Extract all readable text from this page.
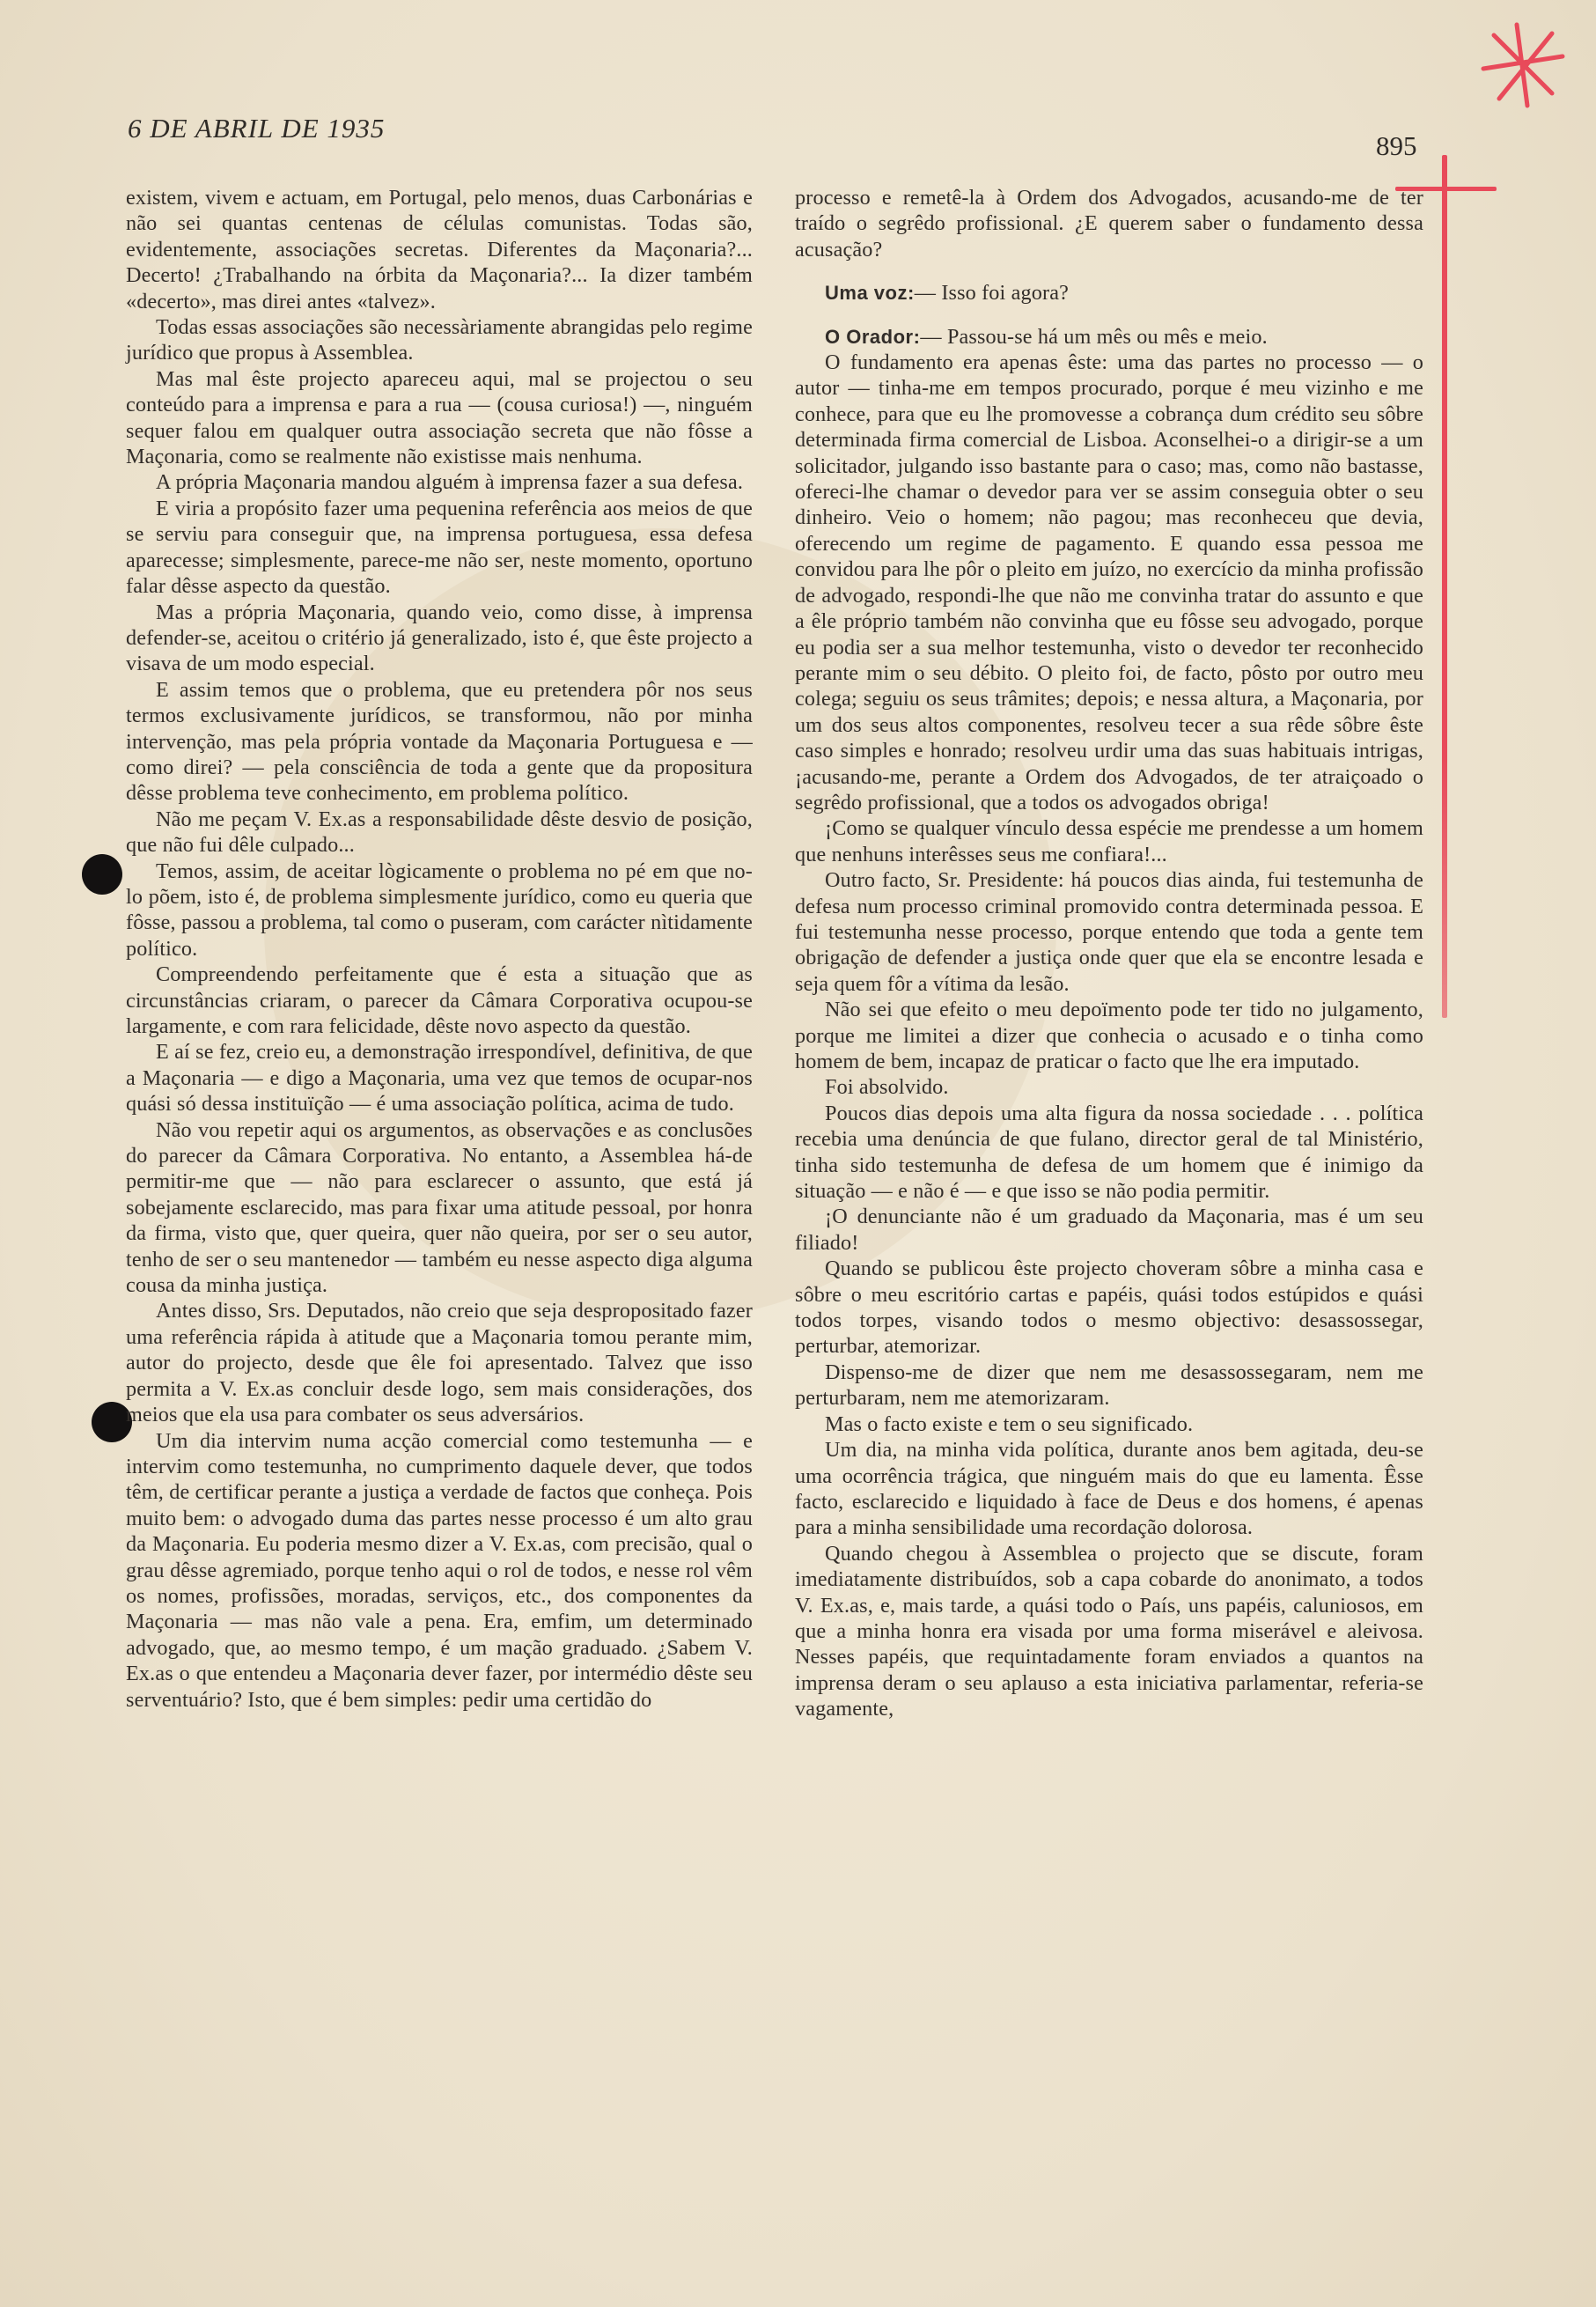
6 DE ABRIL DE 1935
895

existem, vivem e actuam, em Portugal, pelo menos, duas Carbonárias e não sei quantas centenas de células comunistas. Todas são, evidentemente, associações secretas. Diferentes da Maçonaria?... Decerto! ¿Trabalhando na órbita da Maçonaria?... Ia dizer também «decerto», mas direi antes «talvez».

Todas essas associações são necessàriamente abrangidas pelo regime jurídico que propus à Assemblea.

Mas mal êste projecto apareceu aqui, mal se projectou o seu conteúdo para a imprensa e para a rua — (cousa curiosa!) —, ninguém sequer falou em qualquer outra associação secreta que não fôsse a Maçonaria, como se realmente não existisse mais nenhuma.

A própria Maçonaria mandou alguém à imprensa fazer a sua defesa.

E viria a propósito fazer uma pequenina referência aos meios de que se serviu para conseguir que, na imprensa portuguesa, essa defesa aparecesse; simplesmente, parece-me não ser, neste momento, oportuno falar dêsse aspecto da questão.

Mas a própria Maçonaria, quando veio, como disse, à imprensa defender-se, aceitou o critério já generalizado, isto é, que êste projecto a visava de um modo especial.

E assim temos que o problema, que eu pretendera pôr nos seus termos exclusivamente jurídicos, se transformou, não por minha intervenção, mas pela própria vontade da Maçonaria Portuguesa e — como direi? — pela consciência de toda a gente que da propositura dêsse problema teve conhecimento, em problema político.

Não me peçam V. Ex.as a responsabilidade dêste desvio de posição, que não fui dêle culpado...

Temos, assim, de aceitar lògicamente o problema no pé em que no-lo põem, isto é, de problema simplesmente jurídico, como eu queria que fôsse, passou a problema, tal como o puseram, com carácter nìtidamente político.

Compreendendo perfeitamente que é esta a situação que as circunstâncias criaram, o parecer da Câmara Corporativa ocupou-se largamente, e com rara felicidade, dêste novo aspecto da questão.

E aí se fez, creio eu, a demonstração irrespondível, definitiva, de que a Maçonaria — e digo a Maçonaria, uma vez que temos de ocupar-nos quási só dessa instituïção — é uma associação política, acima de tudo.

Não vou repetir aqui os argumentos, as observações e as conclusões do parecer da Câmara Corporativa. No entanto, a Assemblea há-de permitir-me que — não para esclarecer o assunto, que está já sobejamente esclarecido, mas para fixar uma atitude pessoal, por honra da firma, visto que, quer queira, quer não queira, por ser o seu autor, tenho de ser o seu mantenedor — também eu nesse aspecto diga alguma cousa da minha justiça.

Antes disso, Srs. Deputados, não creio que seja despropositado fazer uma referência rápida à atitude que a Maçonaria tomou perante mim, autor do projecto, desde que êle foi apresentado. Talvez que isso permita a V. Ex.as concluir desde logo, sem mais considerações, dos meios que ela usa para combater os seus adversários.

Um dia intervim numa acção comercial como testemunha — e intervim como testemunha, no cumprimento daquele dever, que todos têm, de certificar perante a justiça a verdade de factos que conheça. Pois muito bem: o advogado duma das partes nesse processo é um alto grau da Maçonaria. Eu poderia mesmo dizer a V. Ex.as, com precisão, qual o grau dêsse agremiado, porque tenho aqui o rol de todos, e nesse rol vêm os nomes, profissões, moradas, serviços, etc., dos componentes da Maçonaria — mas não vale a pena. Era, emfim, um determinado advogado, que, ao mesmo tempo, é um mação graduado. ¿Sabem V. Ex.as o que entendeu a Maçonaria dever fazer, por intermédio dêste seu serventuário? Isto, que é bem simples: pedir uma certidão do

processo e remetê-la à Ordem dos Advogados, acusando-me de ter traído o segrêdo profissional. ¿E querem saber o fundamento dessa acusação?

Uma voz:— Isso foi agora?

O Orador:— Passou-se há um mês ou mês e meio.

O fundamento era apenas êste: uma das partes no processo — o autor — tinha-me em tempos procurado, porque é meu vizinho e me conhece, para que eu lhe promovesse a cobrança dum crédito seu sôbre determinada firma comercial de Lisboa. Aconselhei-o a dirigir-se a um solicitador, julgando isso bastante para o caso; mas, como não bastasse, ofereci-lhe chamar o devedor para ver se assim conseguia obter o seu dinheiro. Veio o homem; não pagou; mas reconheceu que devia, oferecendo um regime de pagamento. E quando essa pessoa me convidou para lhe pôr o pleito em juízo, no exercício da minha profissão de advogado, respondi-lhe que não me convinha tratar do assunto e que a êle próprio também não convinha que eu fôsse seu advogado, porque eu podia ser a sua melhor testemunha, visto o devedor ter reconhecido perante mim o seu débito. O pleito foi, de facto, pôsto por outro meu colega; seguiu os seus trâmites; depois; e nessa altura, a Maçonaria, por um dos seus altos componentes, resolveu tecer a sua rêde sôbre êste caso simples e honrado; resolveu urdir uma das suas habituais intrigas, ¡acusando-me, perante a Ordem dos Advogados, de ter atraiçoado o segrêdo profissional, que a todos os advogados obriga!

¡Como se qualquer vínculo dessa espécie me prendesse a um homem que nenhuns interêsses seus me confiara!...

Outro facto, Sr. Presidente: há poucos dias ainda, fui testemunha de defesa num processo criminal promovido contra determinada pessoa. E fui testemunha nesse processo, porque entendo que toda a gente tem obrigação de defender a justiça onde quer que ela se encontre lesada e seja quem fôr a vítima da lesão.

Não sei que efeito o meu depoïmento pode ter tido no julgamento, porque me limitei a dizer que conhecia o acusado e o tinha como homem de bem, incapaz de praticar o facto que lhe era imputado.

Foi absolvido.

Poucos dias depois uma alta figura da nossa sociedade . . . política recebia uma denúncia de que fulano, director geral de tal Ministério, tinha sido testemunha de defesa de um homem que é inimigo da situação — e não é — e que isso se não podia permitir.

¡O denunciante não é um graduado da Maçonaria, mas é um seu filiado!

Quando se publicou êste projecto choveram sôbre a minha casa e sôbre o meu escritório cartas e papéis, quási todos estúpidos e quási todos torpes, visando todos o mesmo objectivo: desassossegar, perturbar, atemorizar.

Dispenso-me de dizer que nem me desassossegaram, nem me perturbaram, nem me atemorizaram.

Mas o facto existe e tem o seu significado.

Um dia, na minha vida política, durante anos bem agitada, deu-se uma ocorrência trágica, que ninguém mais do que eu lamenta. Êsse facto, esclarecido e liquidado à face de Deus e dos homens, é apenas para a minha sensibilidade uma recordação dolorosa.

Quando chegou à Assemblea o projecto que se discute, foram imediatamente distribuídos, sob a capa cobarde do anonimato, a todos V. Ex.as, e, mais tarde, a quási todo o País, uns papéis, caluniosos, em que a minha honra era visada por uma forma miserável e aleivosa. Nesses papéis, que requintadamente foram enviados a quantos na imprensa deram o seu aplauso a esta iniciativa parlamentar, referia-se vagamente,
